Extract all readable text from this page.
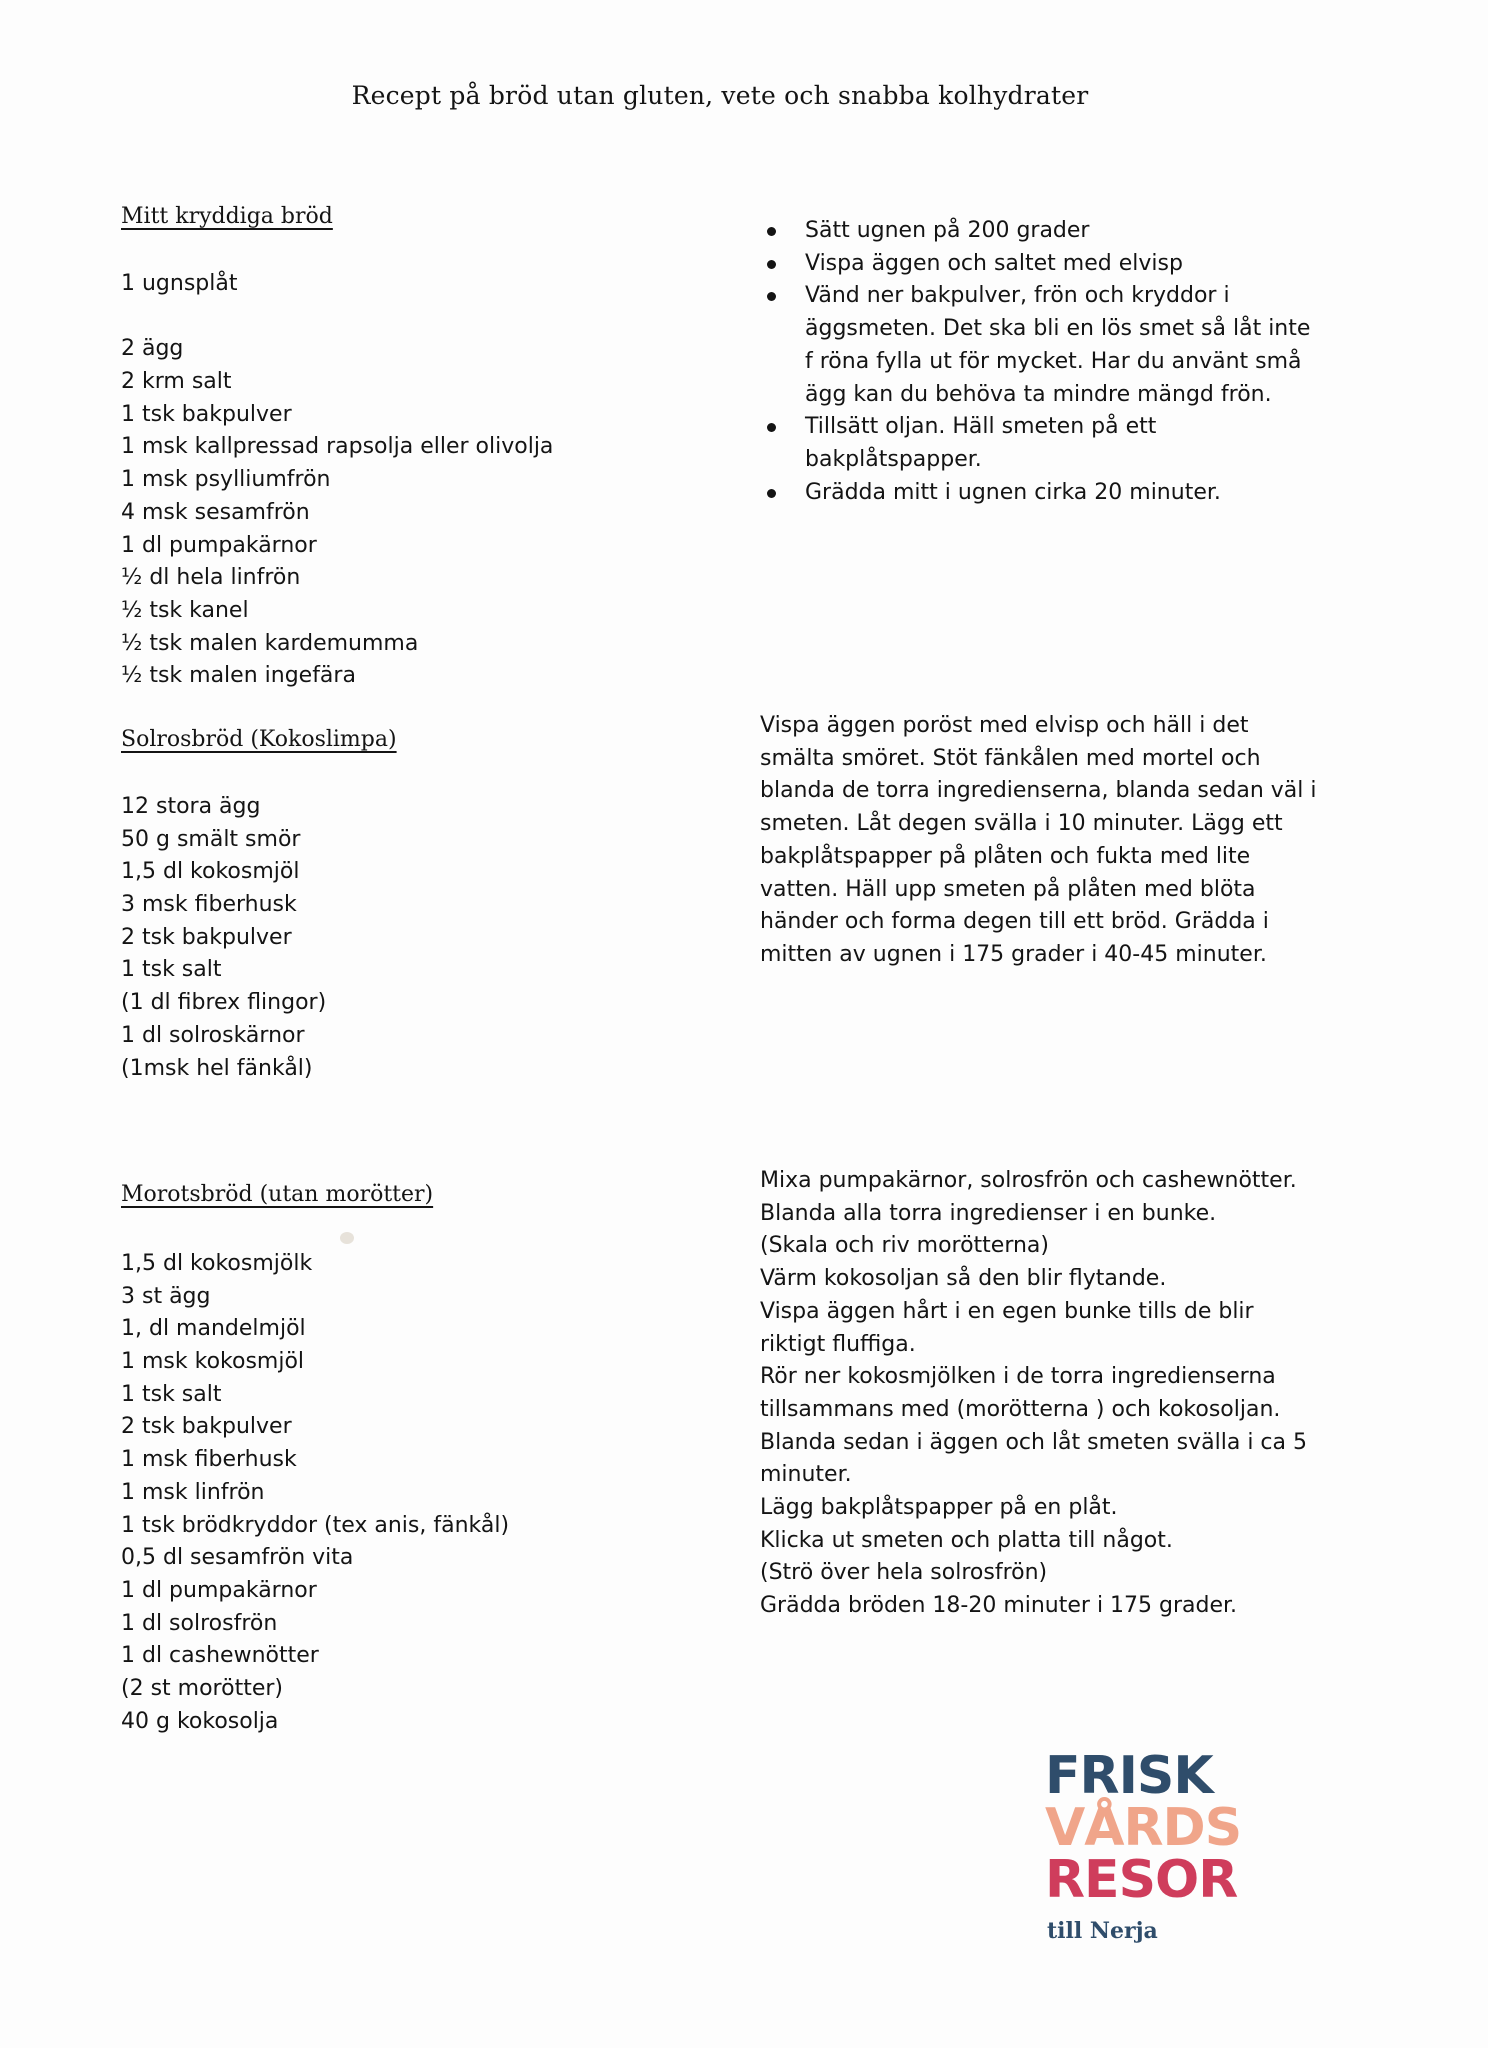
Recept på bröd utan gluten, vete och snabba kolhydrater
Mitt kryddiga bröd
1 ugnsplåt
2 ägg
2 krm salt
1 tsk bakpulver
1 msk kallpressad rapsolja eller olivolja
1 msk psylliumfrön
4 msk sesamfrön
1 dl pumpakärnor
½ dl hela linfrön
½ tsk kanel
½ tsk malen kardemumma
½ tsk malen ingefära
Sätt ugnen på 200 grader
Vispa äggen och saltet med elvisp
Vänd ner bakpulver, frön och kryddor i äggsmeten. Det ska bli en lös smet så låt inte f röna fylla ut för mycket. Har du använt små ägg kan du behöva ta mindre mängd frön.
Tillsätt oljan. Häll smeten på ett bakplåtspapper.
Grädda mitt i ugnen cirka 20 minuter.
Solrosbröd (Kokoslimpa)
12 stora ägg
50 g smält smör
1,5 dl kokosmjöl
3 msk fiberhusk
2 tsk bakpulver
1 tsk salt
(1 dl fibrex flingor)
1 dl solroskärnor
(1msk hel fänkål)

Vispa äggen poröst med elvisp och häll i det smälta smöret. Stöt fänkålen med mortel och blanda de torra ingredienserna, blanda sedan väl i smeten. Låt degen svälla i 10 minuter. Lägg ett bakplåtspapper på plåten och fukta med lite vatten. Häll upp smeten på plåten med blöta händer och forma degen till ett bröd. Grädda i mitten av ugnen i 175 grader i 40-45 minuter.

Morotsbröd (utan morötter)
1,5 dl kokosmjölk
3 st ägg
1, dl mandelmjöl
1 msk kokosmjöl
1 tsk salt
2 tsk bakpulver
1 msk fiberhusk
1 msk linfrön
1 tsk brödkryddor (tex anis, fänkål)
0,5 dl sesamfrön vita
1 dl pumpakärnor
1 dl solrosfrön
1 dl cashewnötter
(2 st morötter)
40 g kokosolja
Mixa pumpakärnor, solrosfrön och cashewnötter.
Blanda alla torra ingredienser i en bunke.
(Skala och riv morötterna)
Värm kokosoljan så den blir flytande.
Vispa äggen hårt i en egen bunke tills de blir riktigt fluffiga.
Rör ner kokosmjölken i de torra ingredienserna tillsammans med (morötterna ) och kokosoljan.
Blanda sedan i äggen och låt smeten svälla i ca 5 minuter.
Lägg bakplåtspapper på en plåt.
Klicka ut smeten och platta till något.
(Strö över hela solrosfrön)
Grädda bröden 18-20 minuter i 175 grader.
FRISK
VÅRDS
RESOR
till Nerja
